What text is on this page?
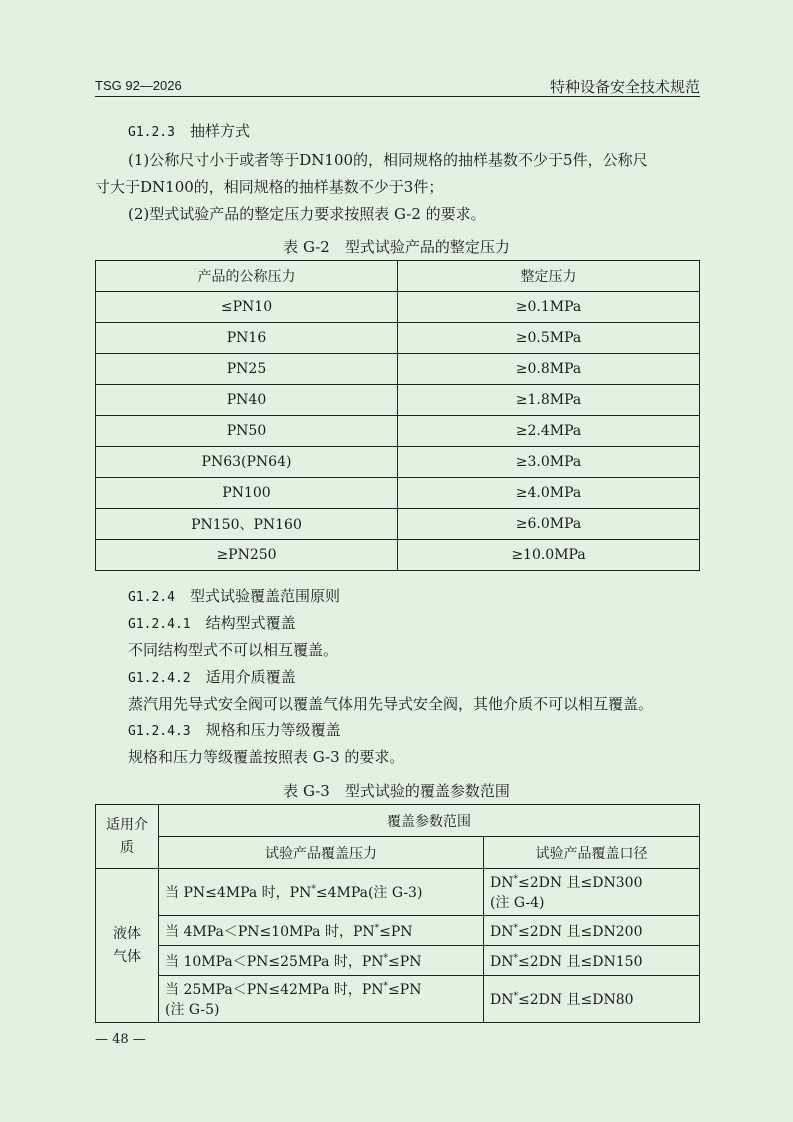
TSG 92—2026	特种设备安全技术规范
G1.2.3  抽样方式
(1)公称尺寸小于或者等于DN100的，相同规格的抽样基数不少于5件，公称尺
寸大于DN100的，相同规格的抽样基数不少于3件；
(2)型式试验产品的整定压力要求按照表 G-2 的要求。
表 G-2　型式试验产品的整定压力
产品的公称压力	整定压力
≤PN10	≥0.1MPa
PN16	≥0.5MPa
PN25	≥0.8MPa
PN40	≥1.8MPa
PN50	≥2.4MPa
PN63(PN64)	≥3.0MPa
PN100	≥4.0MPa
PN150、PN160	≥6.0MPa
≥PN250	≥10.0MPa
G1.2.4  型式试验覆盖范围原则
G1.2.4.1  结构型式覆盖
不同结构型式不可以相互覆盖。
G1.2.4.2  适用介质覆盖
蒸汽用先导式安全阀可以覆盖气体用先导式安全阀，其他介质不可以相互覆盖。
G1.2.4.3  规格和压力等级覆盖
规格和压力等级覆盖按照表 G-3 的要求。
表 G-3　型式试验的覆盖参数范围
适用介质	覆盖参数范围	
	试验产品覆盖压力	试验产品覆盖口径
液体气体	当 PN≤4MPa 时，PN*≤4MPa(注 G-3)	DN*≤2DN 且≤DN300
(注 G-4)
	当 4MPa＜PN≤10MPa 时，PN*≤PN	DN*≤2DN 且≤DN200
	当 10MPa＜PN≤25MPa 时，PN*≤PN	DN*≤2DN 且≤DN150
	当 25MPa＜PN≤42MPa 时，PN*≤PN
(注 G-5)	DN*≤2DN 且≤DN80
— 48 —
